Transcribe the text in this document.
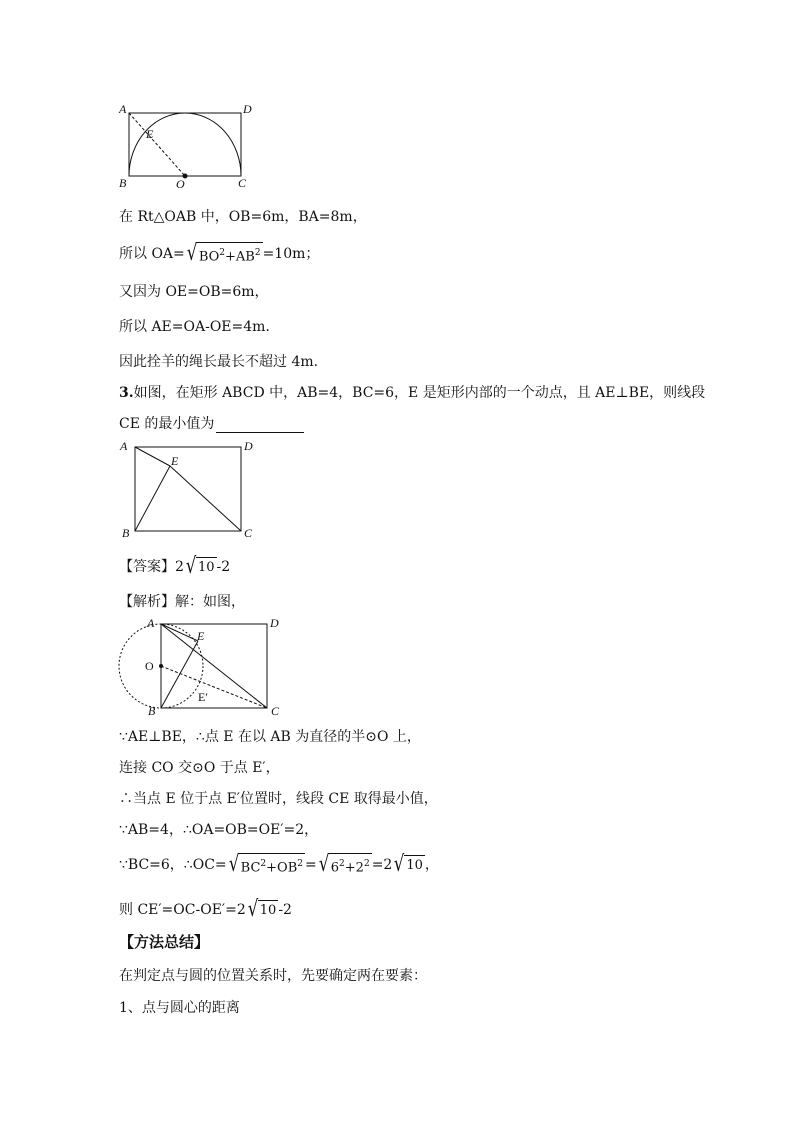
A	D
E
B	O	C
在 Rt△OAB 中，OB=6m，BA=8m，
所以 OA=√ $BO^2+AB^2 =10m$；
又因为 OE=OB=6m，
所以 AE=OA-OE=4m．
因此拴羊的绳长最长不超过 4m.
3.如图，在矩形 ABCD 中，AB=4，BC=6，E 是矩形内部的一个动点，且 AE⊥BE，则线段
CE 的最小值为
A	D
E
B	C
【答案】2√ 10 -2
【解析】解：如图，
A	D
E
O
E′
B	C
∵AE⊥BE，∴点 E 在以 AB 为直径的半⊙O 上，
连接 CO 交⊙O 于点 E′，
∴当点 E 位于点 E′位置时，线段 CE 取得最小值，
∵AB=4，∴OA=OB=OE′=2，
∵BC=6，∴OC=√ $BC^2+OB^2$ =√ $6^2+2^2 =2√$ 10 ，
则 CE′=OC-OE′=2√ 10 -2
【方法总结】
在判定点与圆的位置关系时，先要确定两在要素：
1、点与圆心的距离
